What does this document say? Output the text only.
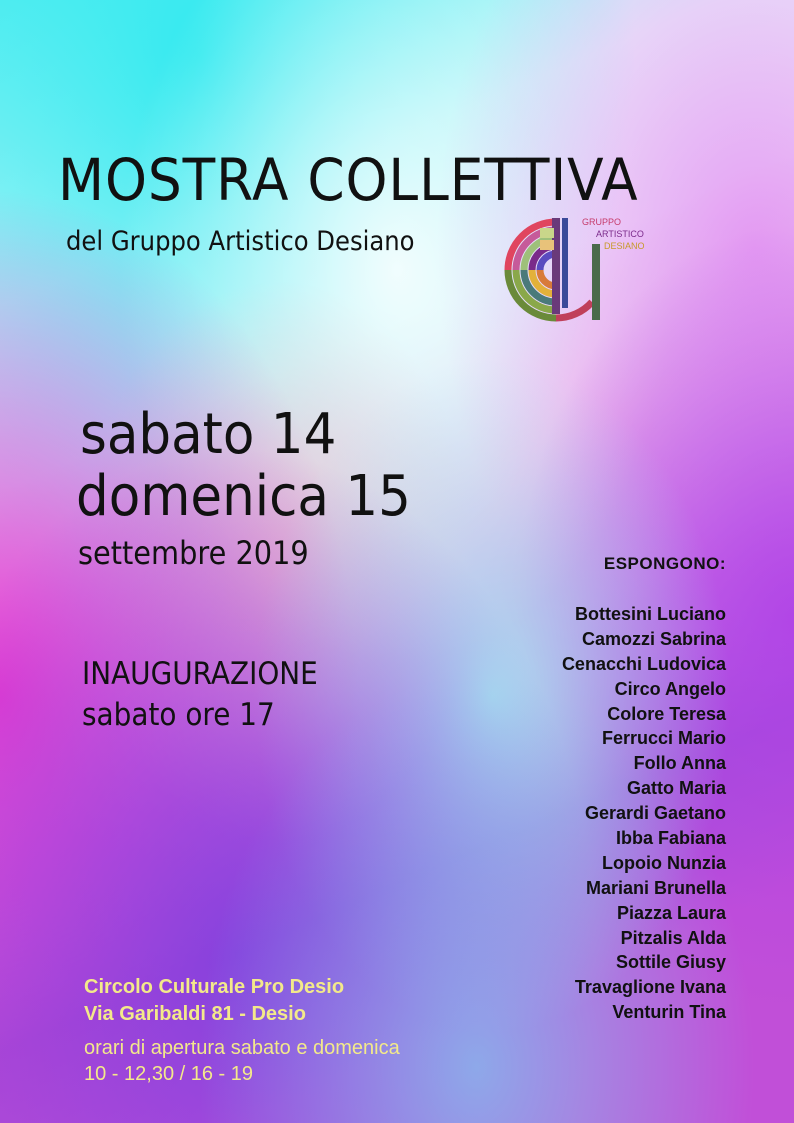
MOSTRA COLLETTIVA
del Gruppo Artistico Desiano
GRUPPO
ARTISTICO
DESIANO
sabato 14
domenica 15
settembre 2019
INAUGURAZIONE
sabato ore 17
ESPONGONO:
Bottesini Luciano
Camozzi Sabrina
Cenacchi Ludovica
Circo Angelo
Colore Teresa
Ferrucci Mario
Follo Anna
Gatto Maria
Gerardi Gaetano
Ibba Fabiana
Lopoio Nunzia
Mariani Brunella
Piazza Laura
Pitzalis Alda
Sottile Giusy
Travaglione Ivana
Venturin Tina
Circolo Culturale Pro Desio
Via Garibaldi 81 - Desio
orari di apertura sabato e domenica
10 - 12,30 / 16 - 19
